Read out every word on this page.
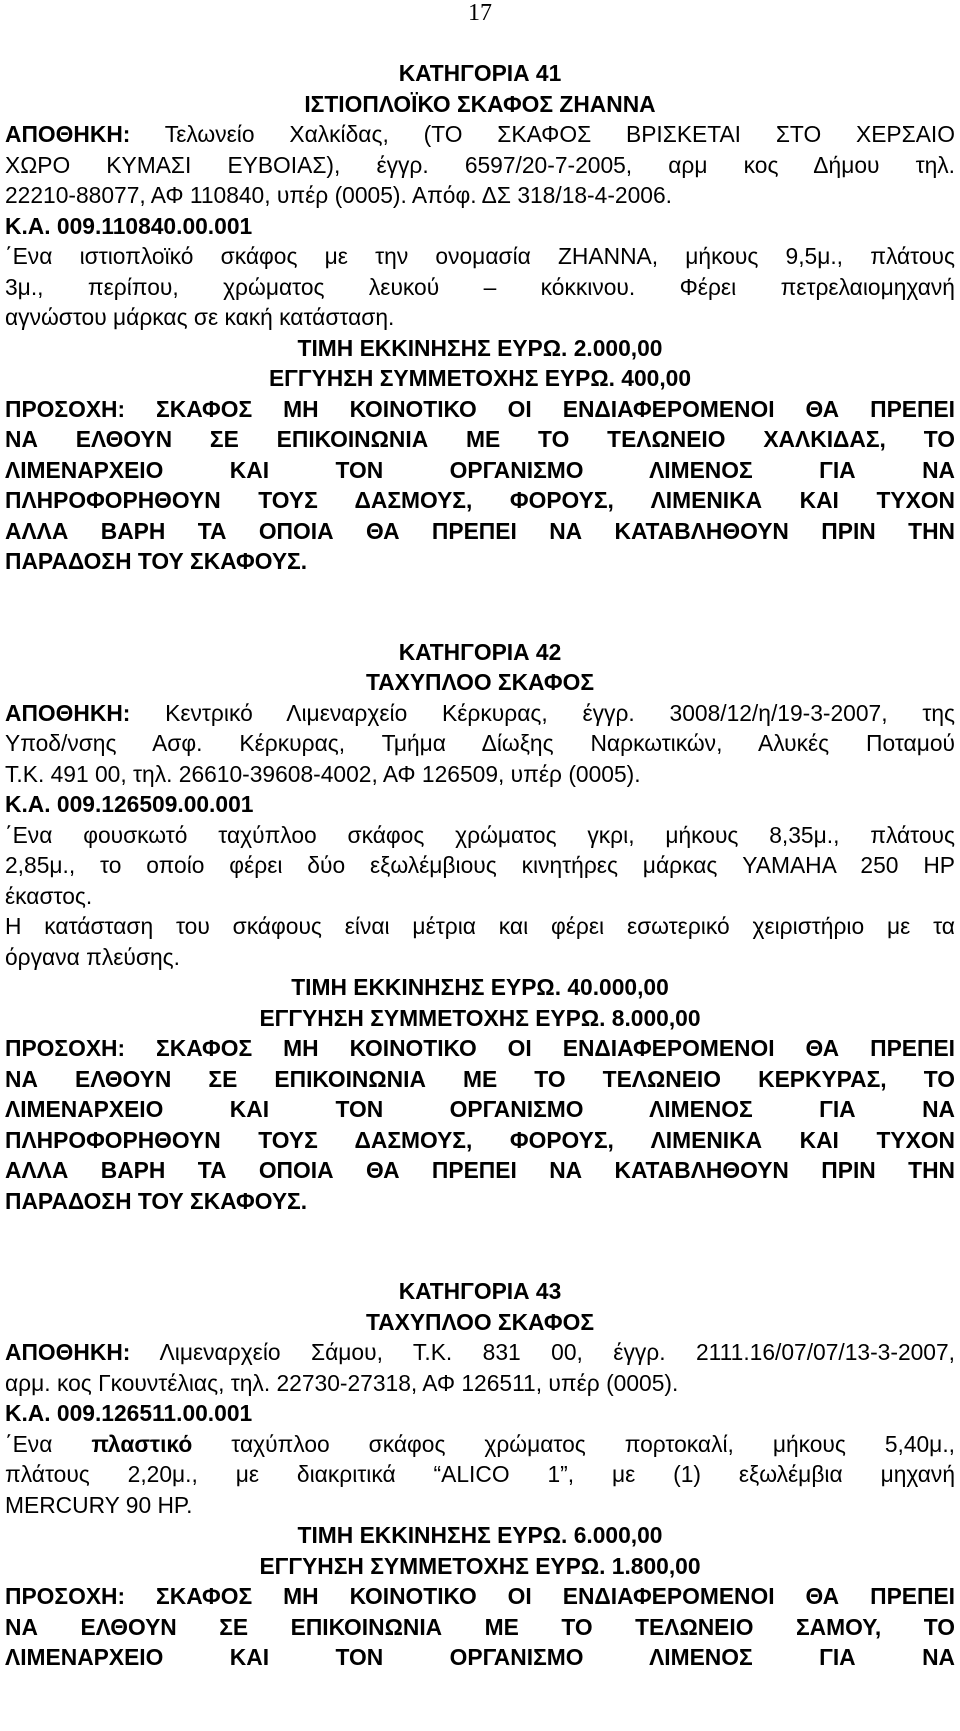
17

ΚΑΤΗΓΟΡΙΑ 41

ΙΣΤΙΟΠΛΟΪΚΟ ΣΚΑΦΟΣ ΖΗΑΝΝΑ

ΑΠΟΘΗΚΗ: Τελωνείο Χαλκίδας, (ΤΟ ΣΚΑΦΟΣ ΒΡΙΣΚΕΤΑΙ ΣΤΟ ΧΕΡΣΑΙΟ

ΧΩΡΟ ΚΥΜΑΣΙ ΕΥΒΟΙΑΣ), έγγρ. 6597/20-7-2005, αρμ κος Δήμου τηλ.

22210-88077, ΑΦ 110840, υπέρ (0005). Απόφ. ΔΣ 318/18-4-2006.

Κ.Α. 009.110840.00.001

΄Ενα ιστιοπλοϊκό σκάφος με την ονομασία ΖΗΑΝΝΑ, μήκους 9,5μ., πλάτους

3μ., περίπου, χρώματος λευκού – κόκκινου. Φέρει πετρελαιομηχανή

αγνώστου μάρκας σε κακή κατάσταση.

ΤΙΜΗ ΕΚΚΙΝΗΣΗΣ ΕΥΡΩ. 2.000,00

ΕΓΓΥΗΣΗ ΣΥΜΜΕΤΟΧΗΣ ΕΥΡΩ. 400,00

ΠΡΟΣΟΧΗ: ΣΚΑΦΟΣ ΜΗ ΚΟΙΝΟΤΙΚΟ ΟΙ ΕΝΔΙΑΦΕΡΟΜΕΝΟΙ ΘΑ ΠΡΕΠΕΙ

ΝΑ ΕΛΘΟΥΝ ΣΕ ΕΠΙΚΟΙΝΩΝΙΑ ΜΕ ΤΟ ΤΕΛΩΝΕΙΟ ΧΑΛΚΙΔΑΣ, ΤΟ

ΛΙΜΕΝΑΡΧΕΙΟ ΚΑΙ ΤΟΝ ΟΡΓΑΝΙΣΜΟ ΛΙΜΕΝΟΣ ΓΙΑ ΝΑ

ΠΛΗΡΟΦΟΡΗΘΟΥΝ ΤΟΥΣ ΔΑΣΜΟΥΣ, ΦΟΡΟΥΣ, ΛΙΜΕΝΙΚΑ ΚΑΙ ΤΥΧΟΝ

ΑΛΛΑ ΒΑΡΗ ΤΑ ΟΠΟΙΑ ΘΑ ΠΡΕΠΕΙ ΝΑ ΚΑΤΑΒΛΗΘΟΥΝ ΠΡΙΝ ΤΗΝ

ΠΑΡΑΔΟΣΗ ΤΟΥ ΣΚΑΦΟΥΣ.

ΚΑΤΗΓΟΡΙΑ 42

ΤΑΧΥΠΛΟΟ ΣΚΑΦΟΣ

ΑΠΟΘΗΚΗ: Κεντρικό Λιμεναρχείο Κέρκυρας, έγγρ. 3008/12/η/19-3-2007, της

Υποδ/νσης Ασφ. Κέρκυρας, Τμήμα Δίωξης Ναρκωτικών, Αλυκές Ποταμού

Τ.Κ. 491 00, τηλ. 26610-39608-4002, ΑΦ 126509, υπέρ (0005).

Κ.Α. 009.126509.00.001

΄Ενα φουσκωτό ταχύπλοο σκάφος χρώματος γκρι, μήκους 8,35μ., πλάτους

2,85μ., το οποίο φέρει δύο εξωλέμβιους κινητήρες μάρκας YAMAHA 250 HP

έκαστος.

Η κατάσταση του σκάφους είναι μέτρια και φέρει εσωτερικό χειριστήριο με τα

όργανα πλεύσης.

ΤΙΜΗ ΕΚΚΙΝΗΣΗΣ ΕΥΡΩ. 40.000,00

ΕΓΓΥΗΣΗ ΣΥΜΜΕΤΟΧΗΣ ΕΥΡΩ. 8.000,00

ΠΡΟΣΟΧΗ: ΣΚΑΦΟΣ ΜΗ ΚΟΙΝΟΤΙΚΟ ΟΙ ΕΝΔΙΑΦΕΡΟΜΕΝΟΙ ΘΑ ΠΡΕΠΕΙ

ΝΑ ΕΛΘΟΥΝ ΣΕ ΕΠΙΚΟΙΝΩΝΙΑ ΜΕ ΤΟ ΤΕΛΩΝΕΙΟ ΚΕΡΚΥΡΑΣ, ΤΟ

ΛΙΜΕΝΑΡΧΕΙΟ ΚΑΙ ΤΟΝ ΟΡΓΑΝΙΣΜΟ ΛΙΜΕΝΟΣ ΓΙΑ ΝΑ

ΠΛΗΡΟΦΟΡΗΘΟΥΝ ΤΟΥΣ ΔΑΣΜΟΥΣ, ΦΟΡΟΥΣ, ΛΙΜΕΝΙΚΑ ΚΑΙ ΤΥΧΟΝ

ΑΛΛΑ ΒΑΡΗ ΤΑ ΟΠΟΙΑ ΘΑ ΠΡΕΠΕΙ ΝΑ ΚΑΤΑΒΛΗΘΟΥΝ ΠΡΙΝ ΤΗΝ

ΠΑΡΑΔΟΣΗ ΤΟΥ ΣΚΑΦΟΥΣ.

ΚΑΤΗΓΟΡΙΑ 43

ΤΑΧΥΠΛΟΟ ΣΚΑΦΟΣ

ΑΠΟΘΗΚΗ: Λιμεναρχείο Σάμου, Τ.Κ. 831 00, έγγρ. 2111.16/07/07/13-3-2007,

αρμ. κος Γκουντέλιας, τηλ. 22730-27318, ΑΦ 126511, υπέρ (0005).

Κ.Α. 009.126511.00.001

΄Ενα πλαστικό ταχύπλοο σκάφος χρώματος πορτοκαλί, μήκους 5,40μ.,

πλάτους 2,20μ., με διακριτικά “ALICO 1”, με (1) εξωλέμβια μηχανή

MERCURY 90 HP.

ΤΙΜΗ ΕΚΚΙΝΗΣΗΣ ΕΥΡΩ. 6.000,00

ΕΓΓΥΗΣΗ ΣΥΜΜΕΤΟΧΗΣ ΕΥΡΩ. 1.800,00

ΠΡΟΣΟΧΗ: ΣΚΑΦΟΣ ΜΗ ΚΟΙΝΟΤΙΚΟ ΟΙ ΕΝΔΙΑΦΕΡΟΜΕΝΟΙ ΘΑ ΠΡΕΠΕΙ

ΝΑ ΕΛΘΟΥΝ ΣΕ ΕΠΙΚΟΙΝΩΝΙΑ ΜΕ ΤΟ ΤΕΛΩΝΕΙΟ ΣΑΜΟΥ, ΤΟ

ΛΙΜΕΝΑΡΧΕΙΟ ΚΑΙ ΤΟΝ ΟΡΓΑΝΙΣΜΟ ΛΙΜΕΝΟΣ ΓΙΑ ΝΑ
